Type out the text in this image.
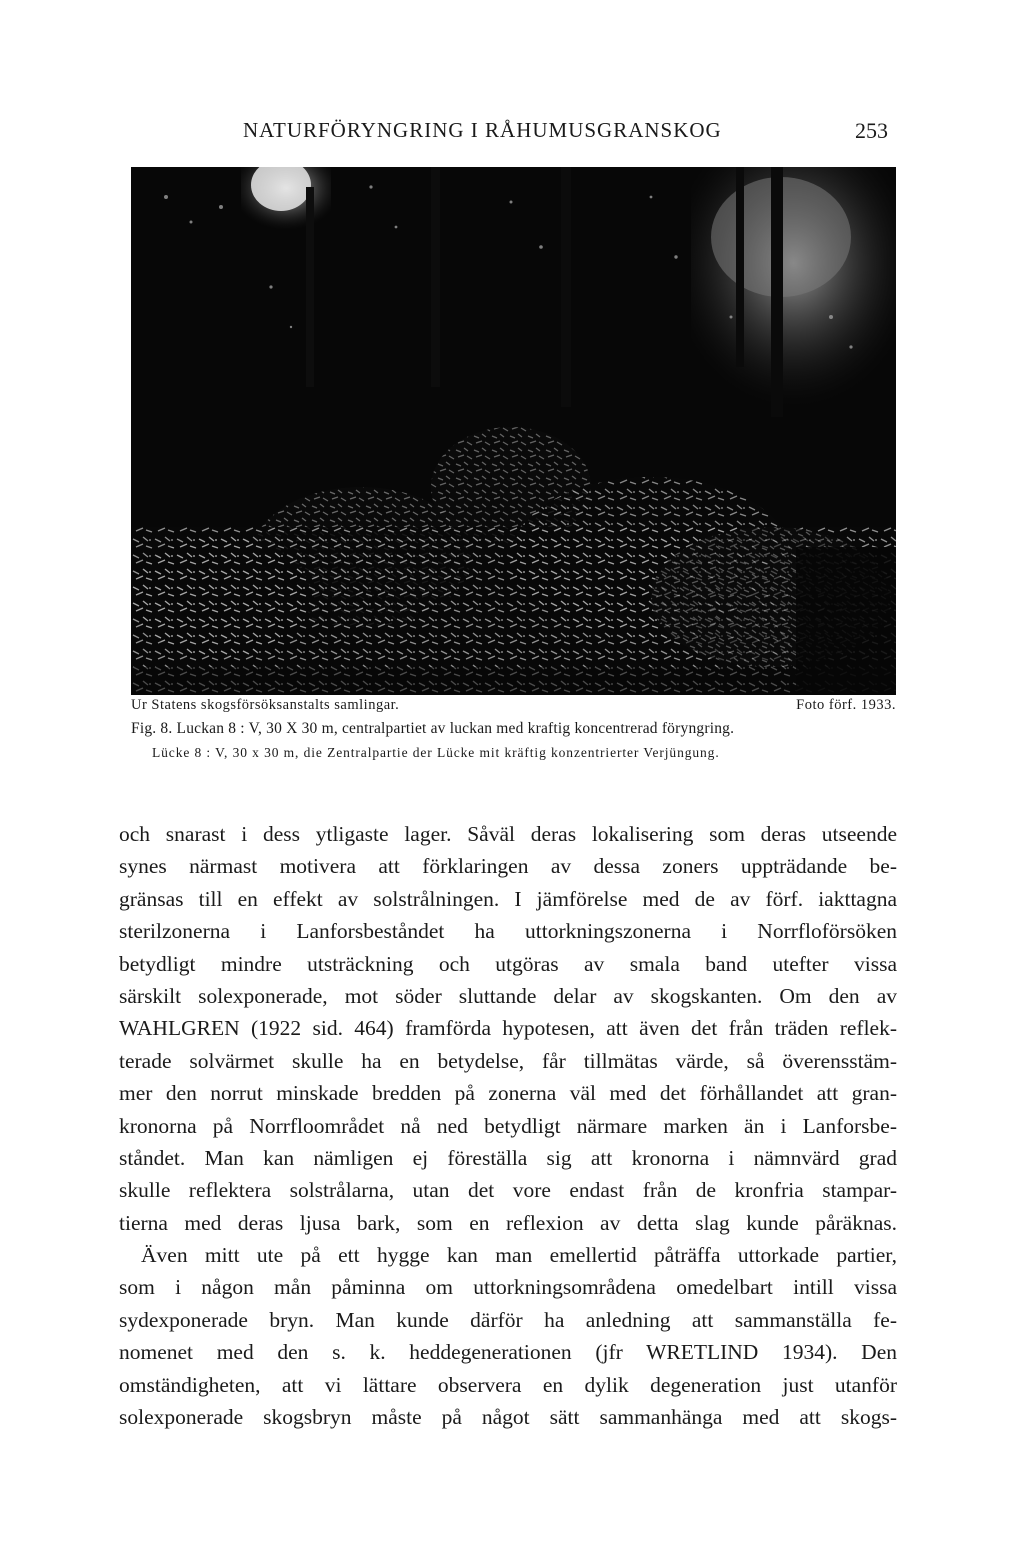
NATURFÖRYNGRING I RÅHUMUSGRANSKOG	253
Ur Statens skogsförsöksanstalts samlingar.	Foto förf. 1933.
Fig. 8. Luckan 8 : V, 30 X 30 m, centralpartiet av luckan med kraftig koncentrerad föryngring.
Lücke 8 : V, 30 x 30 m, die Zentralpartie der Lücke mit kräftig konzentrierter Verjüngung.
och snarast i dess ytligaste lager. Såväl deras lokalisering som deras utseende
synes närmast motivera att förklaringen av dessa zoners uppträdande be-
gränsas till en effekt av solstrålningen. I jämförelse med de av förf. iakttagna
sterilzonerna i Lanforsbeståndet ha uttorkningszonerna i Norrfloförsöken
betydligt mindre utsträckning och utgöras av smala band utefter vissa
särskilt solexponerade, mot söder sluttande delar av skogskanten. Om den av
WAHLGREN (1922 sid. 464) framförda hypotesen, att även det från träden reflek-
terade solvärmet skulle ha en betydelse, får tillmätas värde, så överensstäm-
mer den norrut minskade bredden på zonerna väl med det förhållandet att gran-
kronorna på Norrfloområdet nå ned betydligt närmare marken än i Lanforsbe-
ståndet. Man kan nämligen ej föreställa sig att kronorna i nämnvärd grad
skulle reflektera solstrålarna, utan det vore endast från de kronfria stampar-
tierna med deras ljusa bark, som en reflexion av detta slag kunde påräknas.
Även mitt ute på ett hygge kan man emellertid påträffa uttorkade partier,
som i någon mån påminna om uttorkningsområdena omedelbart intill vissa
sydexponerade bryn. Man kunde därför ha anledning att sammanställa fe-
nomenet med den s. k. heddegenerationen (jfr WRETLIND 1934). Den
omständigheten, att vi lättare observera en dylik degeneration just utanför
solexponerade skogsbryn måste på något sätt sammanhänga med att skogs-
